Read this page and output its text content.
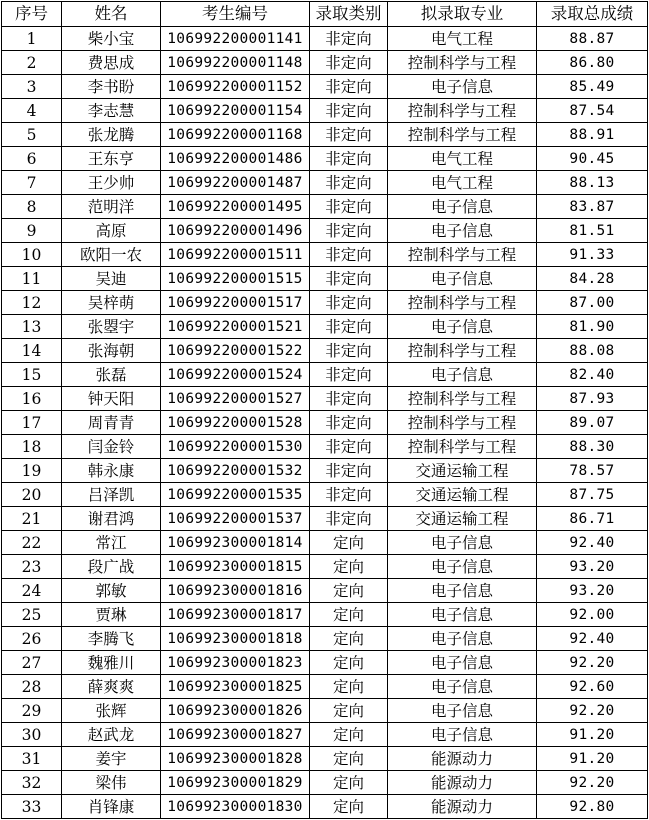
序号	姓名	考生编号	录取类别	拟录取专业	录取总成绩
1	柴小宝	106992200001141	非定向	电气工程	88.87
2	费思成	106992200001148	非定向	控制科学与工程	86.80
3	李书盼	106992200001152	非定向	电子信息	85.49
4	李志慧	106992200001154	非定向	控制科学与工程	87.54
5	张龙腾	106992200001168	非定向	控制科学与工程	88.91
6	王东亨	106992200001486	非定向	电气工程	90.45
7	王少帅	106992200001487	非定向	电气工程	88.13
8	范明洋	106992200001495	非定向	电子信息	83.87
9	高原	106992200001496	非定向	电子信息	81.51
10	欧阳一农	106992200001511	非定向	控制科学与工程	91.33
11	吴迪	106992200001515	非定向	电子信息	84.28
12	吴梓萌	106992200001517	非定向	控制科学与工程	87.00
13	张曌宇	106992200001521	非定向	电子信息	81.90
14	张海朝	106992200001522	非定向	控制科学与工程	88.08
15	张磊	106992200001524	非定向	电子信息	82.40
16	钟天阳	106992200001527	非定向	控制科学与工程	87.93
17	周青青	106992200001528	非定向	控制科学与工程	89.07
18	闫金铃	106992200001530	非定向	控制科学与工程	88.30
19	韩永康	106992200001532	非定向	交通运输工程	78.57
20	吕泽凯	106992200001535	非定向	交通运输工程	87.75
21	谢君鸿	106992200001537	非定向	交通运输工程	86.71
22	常江	106992300001814	定向	电子信息	92.40
23	段广战	106992300001815	定向	电子信息	93.20
24	郭敏	106992300001816	定向	电子信息	93.20
25	贾琳	106992300001817	定向	电子信息	92.00
26	李腾飞	106992300001818	定向	电子信息	92.40
27	魏雅川	106992300001823	定向	电子信息	92.20
28	薛爽爽	106992300001825	定向	电子信息	92.60
29	张辉	106992300001826	定向	电子信息	92.20
30	赵武龙	106992300001827	定向	电子信息	91.20
31	姜宇	106992300001828	定向	能源动力	91.20
32	梁伟	106992300001829	定向	能源动力	92.20
33	肖锋康	106992300001830	定向	能源动力	92.80
